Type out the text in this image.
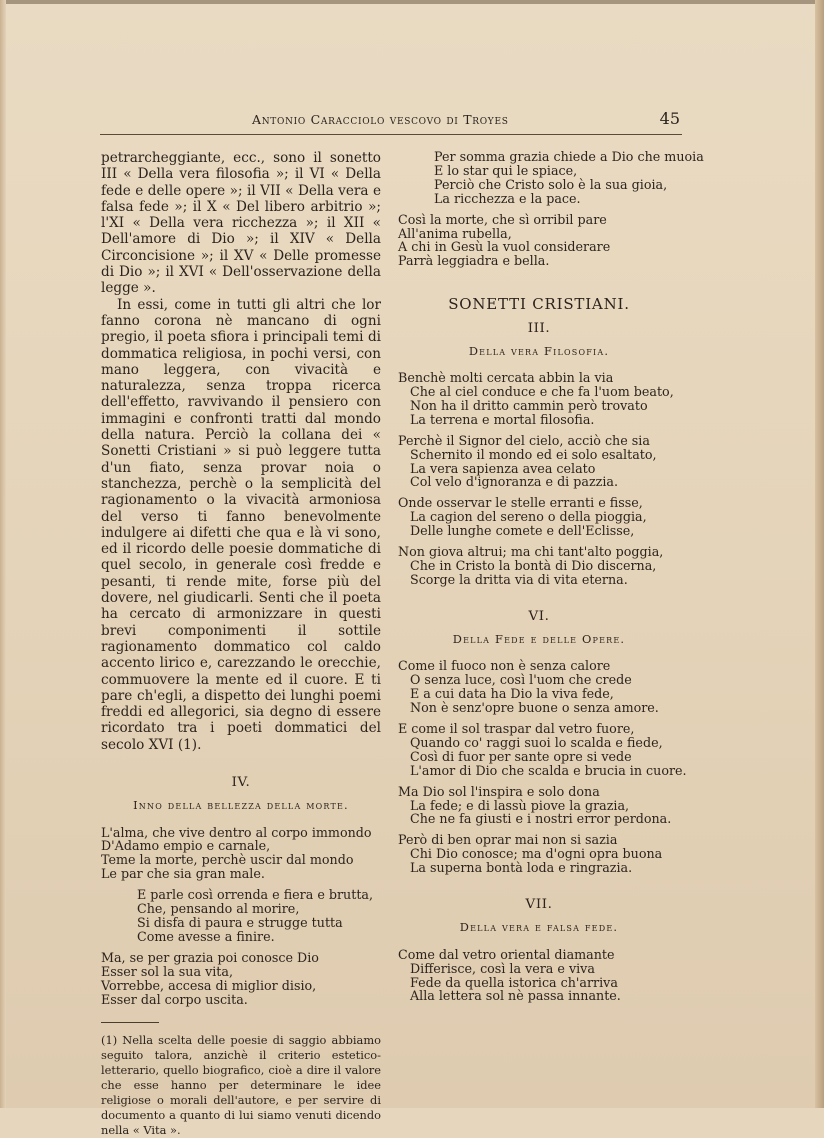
Antonio Caracciolo vescovo di Troyes	45

petrarcheggiante, ecc., sono il sonetto III « Della vera filosofia »; il VI « Della fede e delle opere »; il VII « Della vera e falsa fede »; il X « Del libero arbitrio »; l'XI « Della vera ricchezza »; il XII « Dell'amore di Dio »; il XIV « Della Circoncisione »; il XV « Delle promesse di Dio »; il XVI « Dell'osservazione della legge ».

In essi, come in tutti gli altri che lor fanno corona nè mancano di ogni pregio, il poeta sfiora i principali temi di dommatica religiosa, in pochi versi, con mano leggera, con vivacità e naturalezza, senza troppa ricerca dell'effetto, ravvivando il pensiero con immagini e confronti tratti dal mondo della natura. Perciò la collana dei « Sonetti Cristiani » si può leggere tutta d'un fiato, senza provar noia o stanchezza, perchè o la semplicità del ragionamento o la vivacità armoniosa del verso ti fanno benevolmente indulgere ai difetti che qua e là vi sono, ed il ricordo delle poesie dommatiche di quel secolo, in generale così fredde e pesanti, ti rende mite, forse più del dovere, nel giudicarli. Senti che il poeta ha cercato di armonizzare in questi brevi componimenti il sottile ragionamento dommatico col caldo accento lirico e, carezzando le orecchie, commuovere la mente ed il cuore. E ti pare ch'egli, a dispetto dei lunghi poemi freddi ed allegorici, sia degno di essere ricordato tra i poeti dommatici del secolo XVI (1).

IV.
Inno della bellezza della morte.
L'alma, che vive dentro al corpo immondo
D'Adamo empio e carnale,
Teme la morte, perchè uscir dal mondo
Le par che sia gran male.
E parle così orrenda e fiera e brutta,
Che, pensando al morire,
Si disfa di paura e strugge tutta
Come avesse a finire.
Ma, se per grazia poi conosce Dio
Esser sol la sua vita,
Vorrebbe, accesa di miglior disio,
Esser dal corpo uscita.

(1) Nella scelta delle poesie di saggio abbiamo seguito talora, anzichè il criterio estetico-letterario, quello biografico, cioè a dire il valore che esse hanno per determinare le idee religiose o morali dell'autore, e per servire di documento a quanto di lui siamo venuti dicendo nella « Vita ».

Per somma grazia chiede a Dio che muoia
E lo star qui le spiace,
Perciò che Cristo solo è la sua gioia,
La ricchezza e la pace.
Così la morte, che sì orribil pare
All'anima rubella,
A chi in Gesù la vuol considerare
Parrà leggiadra e bella.
SONETTI CRISTIANI.
III.
Della vera Filosofia.
Benchè molti cercata abbin la via
Che al ciel conduce e che fa l'uom beato,
Non ha il dritto cammin però trovato
La terrena e mortal filosofia.
Perchè il Signor del cielo, acciò che sia
Schernito il mondo ed ei solo esaltato,
La vera sapienza avea celato
Col velo d'ignoranza e di pazzia.
Onde osservar le stelle erranti e fisse,
La cagion del sereno o della pioggia,
Delle lunghe comete e dell'Eclisse,
Non giova altrui; ma chi tant'alto poggia,
Che in Cristo la bontà di Dio discerna,
Scorge la dritta via di vita eterna.
VI.
Della Fede e delle Opere.
Come il fuoco non è senza calore
O senza luce, così l'uom che crede
E a cui data ha Dio la viva fede,
Non è senz'opre buone o senza amore.
E come il sol traspar dal vetro fuore,
Quando co' raggi suoi lo scalda e fiede,
Così di fuor per sante opre si vede
L'amor di Dio che scalda e brucia in cuore.
Ma Dio sol l'inspira e solo dona
La fede; e di lassù piove la grazia,
Che ne fa giusti e i nostri error perdona.
Però di ben oprar mai non si sazia
Chi Dio conosce; ma d'ogni opra buona
La superna bontà loda e ringrazia.
VII.
Della vera e falsa fede.
Come dal vetro oriental diamante
Differisce, così la vera e viva
Fede da quella istorica ch'arriva
Alla lettera sol nè passa innante.
